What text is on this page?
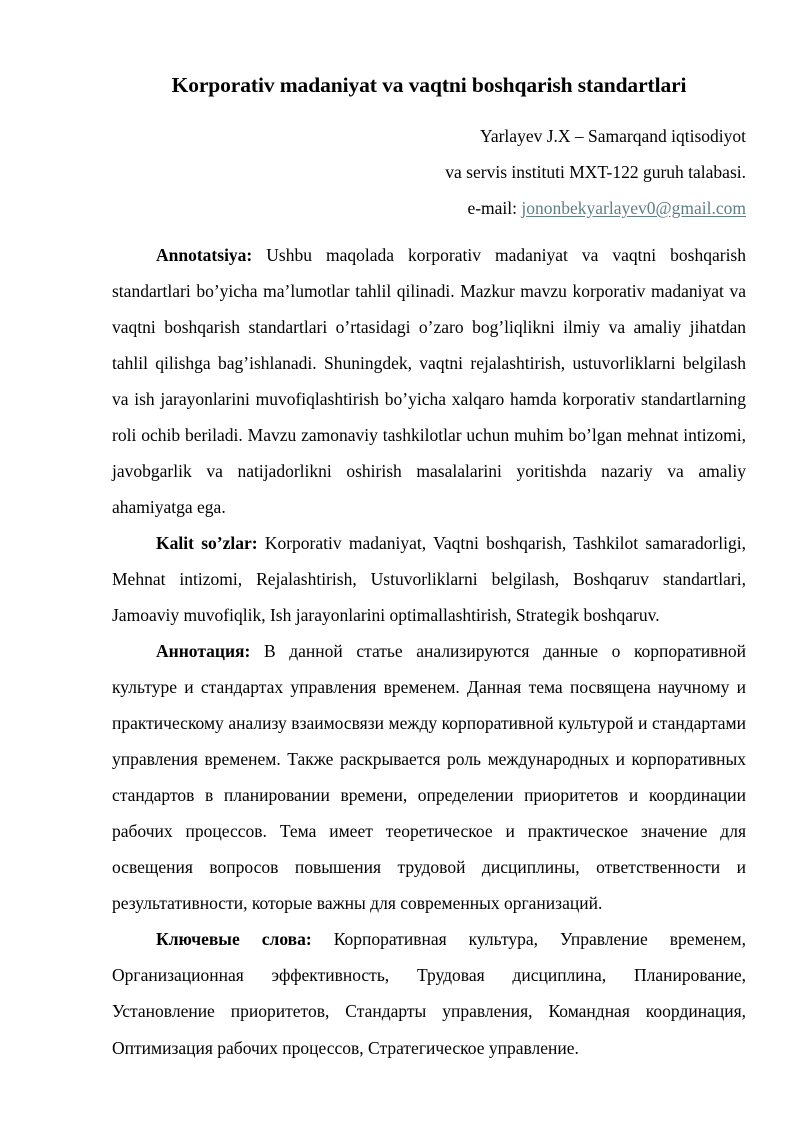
Korporativ madaniyat va vaqtni boshqarish standartlari
Yarlayev J.X – Samarqand iqtisodiyot
va servis instituti MXT-122 guruh talabasi.
e-mail: jononbekyarlayev0@gmail.com

Annotatsiya: Ushbu maqolada korporativ madaniyat va vaqtni boshqarish standartlari bo’yicha ma’lumotlar tahlil qilinadi. Mazkur mavzu korporativ madaniyat va vaqtni boshqarish standartlari o’rtasidagi o’zaro bog’liqlikni ilmiy va amaliy jihatdan tahlil qilishga bag’ishlanadi. Shuningdek, vaqtni rejalashtirish, ustuvorliklarni belgilash va ish jarayonlarini muvofiqlashtirish bo’yicha xalqaro hamda korporativ standartlarning roli ochib beriladi. Mavzu zamonaviy tashkilotlar uchun muhim bo’lgan mehnat intizomi, javobgarlik va natijadorlikni oshirish masalalarini yoritishda nazariy va amaliy ahamiyatga ega.

Kalit so’zlar: Korporativ madaniyat, Vaqtni boshqarish, Tashkilot samaradorligi, Mehnat intizomi, Rejalashtirish, Ustuvorliklarni belgilash, Boshqaruv standartlari, Jamoaviy muvofiqlik, Ish jarayonlarini optimallashtirish, Strategik boshqaruv.

Аннотация: В данной статье анализируются данные о корпоративной культуре и стандартах управления временем. Данная тема посвящена научному и практическому анализу взаимосвязи между корпоративной культурой и стандартами управления временем. Также раскрывается роль международных и корпоративных стандартов в планировании времени, определении приоритетов и координации рабочих процессов. Тема имеет теоретическое и практическое значение для освещения вопросов повышения трудовой дисциплины, ответственности и результативности, которые важны для современных организаций.

Ключевые слова: Корпоративная культура, Управление временем, Организационная эффективность, Трудовая дисциплина, Планирование, Установление приоритетов, Стандарты управления, Командная координация, Оптимизация рабочих процессов, Стратегическое управление.
